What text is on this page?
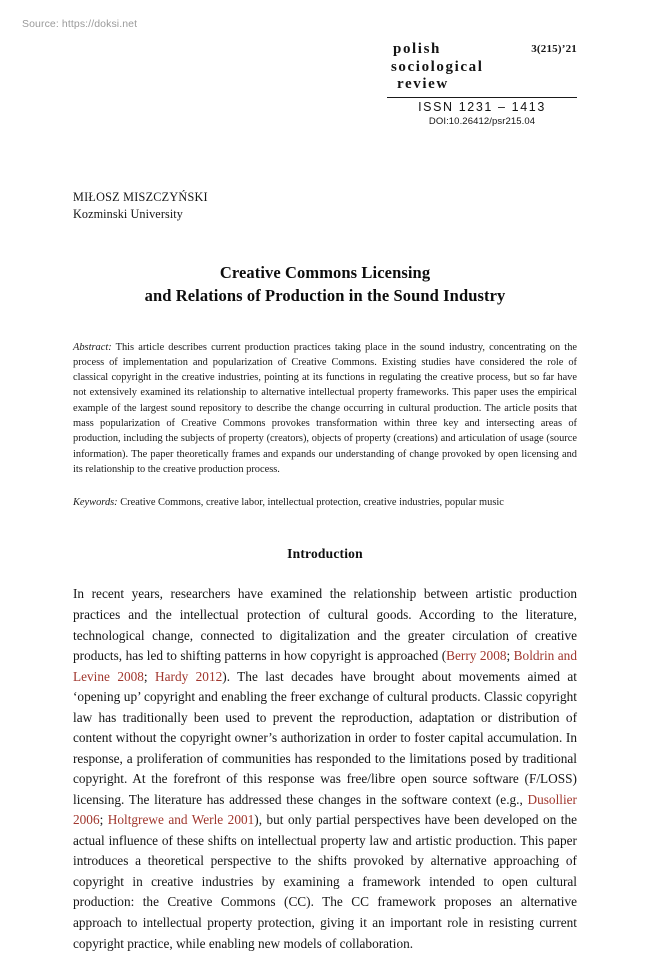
Source: https://doksi.net
polish	3(215)’21
sociological
review
ISSN 1231 – 1413
DOI:10.26412/psr215.04
MIŁOSZ MISZCZYŃSKI
Kozminski University
Creative Commons Licensing
and Relations of Production in the Sound Industry
Abstract: This article describes current production practices taking place in the sound industry, concentrating on the process of implementation and popularization of Creative Commons. Existing studies have considered the role of classical copyright in the creative industries, pointing at its functions in regulating the creative process, but so far have not extensively examined its relationship to alternative intellectual property frameworks. This paper uses the empirical example of the largest sound repository to describe the change occurring in cultural production. The article posits that mass popularization of Creative Commons provokes transformation within three key and intersecting areas of production, including the subjects of property (creators), objects of property (creations) and articulation of usage (source information). The paper theoretically frames and expands our understanding of change provoked by open licensing and its relationship to the creative production process.
Keywords: Creative Commons, creative labor, intellectual protection, creative industries, popular music
Introduction
In recent years, researchers have examined the relationship between artistic production practices and the intellectual protection of cultural goods. According to the literature, technological change, connected to digitalization and the greater circulation of creative products, has led to shifting patterns in how copyright is approached (Berry 2008; Boldrin and Levine 2008; Hardy 2012). The last decades have brought about movements aimed at ‘opening up’ copyright and enabling the freer exchange of cultural products. Classic copyright law has traditionally been used to prevent the reproduction, adaptation or distribution of content without the copyright owner’s authorization in order to foster capital accumulation. In response, a proliferation of communities has responded to the limitations posed by traditional copyright. At the forefront of this response was free/libre open source software (F/LOSS) licensing. The literature has addressed these changes in the software context (e.g., Dusollier 2006; Holtgrewe and Werle 2001), but only partial perspectives have been developed on the actual influence of these shifts on intellectual property law and artistic production. This paper introduces a theoretical perspective to the shifts provoked by alternative approaching of copyright in creative industries by examining a framework intended to open cultural production: the Creative Commons (CC). The CC framework proposes an alternative approach to intellectual property protection, giving it an important role in resisting current copyright practice, while enabling new models of collaboration.
